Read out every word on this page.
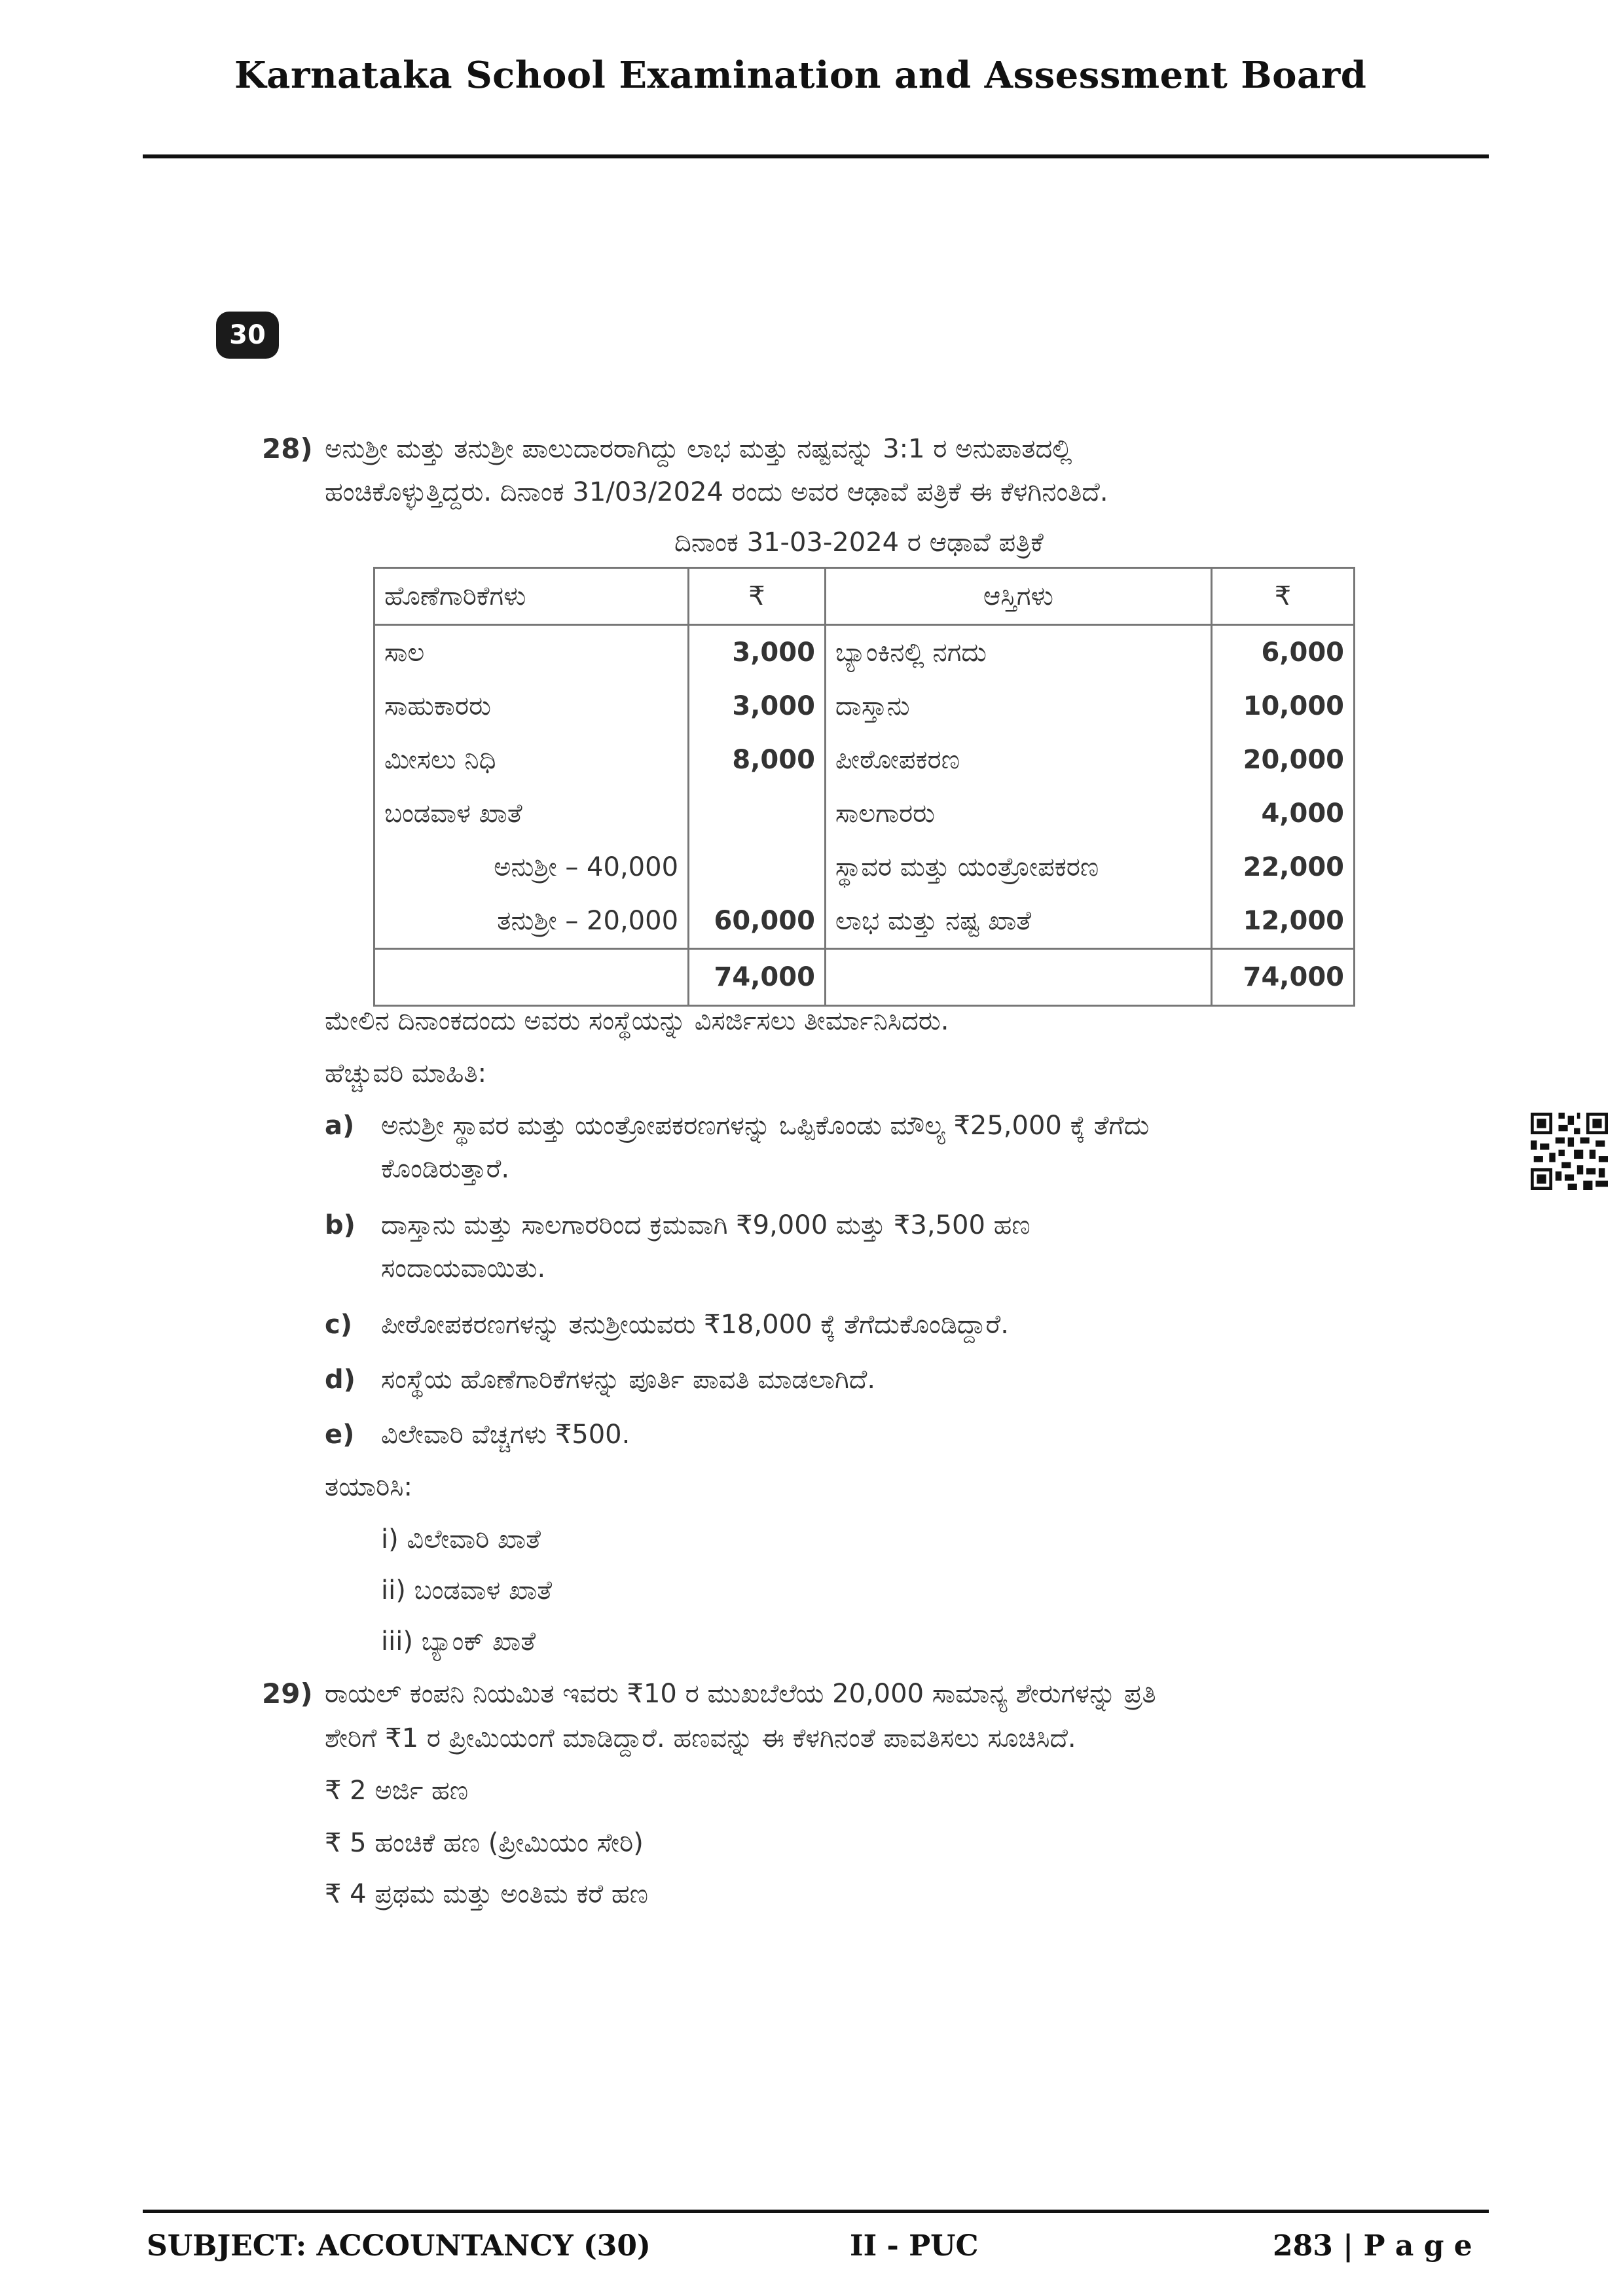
Karnataka School Examination and Assessment Board
30
28) ಅನುಶ್ರೀ ಮತ್ತು ತನುಶ್ರೀ ಪಾಲುದಾರರಾಗಿದ್ದು ಲಾಭ ಮತ್ತು ನಷ್ಟವನ್ನು 3:1 ರ ಅನುಪಾತದಲ್ಲಿ
ಹಂಚಿಕೊಳ್ಳುತ್ತಿದ್ದರು. ದಿನಾಂಕ 31/03/2024 ರಂದು ಅವರ ಆಢಾವೆ ಪತ್ರಿಕೆ ಈ ಕೆಳಗಿನಂತಿದೆ.
ದಿನಾಂಕ 31-03-2024 ರ ಆಢಾವೆ ಪತ್ರಿಕೆ
ಹೊಣೆಗಾರಿಕೆಗಳು	₹	ಆಸ್ತಿಗಳು	₹
ಸಾಲ	3,000	ಬ್ಯಾಂಕಿನಲ್ಲಿ ನಗದು	6,000
ಸಾಹುಕಾರರು	3,000	ದಾಸ್ತಾನು	10,000
ಮೀಸಲು ನಿಧಿ	8,000	ಪೀಠೋಪಕರಣ	20,000
ಬಂಡವಾಳ ಖಾತೆ		ಸಾಲಗಾರರು	4,000
ಅನುಶ್ರೀ – 40,000		ಸ್ಥಾವರ ಮತ್ತು ಯಂತ್ರೋಪಕರಣ	22,000
ತನುಶ್ರೀ – 20,000	60,000	ಲಾಭ ಮತ್ತು ನಷ್ಟ ಖಾತೆ	12,000
	74,000		74,000
ಮೇಲಿನ ದಿನಾಂಕದಂದು ಅವರು ಸಂಸ್ಥೆಯನ್ನು ವಿಸರ್ಜಿಸಲು ತೀರ್ಮಾನಿಸಿದರು.
ಹೆಚ್ಚುವರಿ ಮಾಹಿತಿ:
a) ಅನುಶ್ರೀ ಸ್ಥಾವರ ಮತ್ತು ಯಂತ್ರೋಪಕರಣಗಳನ್ನು ಒಪ್ಪಿಕೊಂಡು ಮೌಲ್ಯ ₹25,000 ಕ್ಕೆ ತೆಗೆದು
ಕೊಂಡಿರುತ್ತಾರೆ.
b) ದಾಸ್ತಾನು ಮತ್ತು ಸಾಲಗಾರರಿಂದ ಕ್ರಮವಾಗಿ ₹9,000 ಮತ್ತು ₹3,500 ಹಣ
ಸಂದಾಯವಾಯಿತು.
c) ಪೀಠೋಪಕರಣಗಳನ್ನು ತನುಶ್ರೀಯವರು ₹18,000 ಕ್ಕೆ ತೆಗೆದುಕೊಂಡಿದ್ದಾರೆ.
d) ಸಂಸ್ಥೆಯ ಹೊಣೆಗಾರಿಕೆಗಳನ್ನು ಪೂರ್ತಿ ಪಾವತಿ ಮಾಡಲಾಗಿದೆ.
e) ವಿಲೇವಾರಿ ವೆಚ್ಚಗಳು ₹500.
ತಯಾರಿಸಿ:
i) ವಿಲೇವಾರಿ ಖಾತೆ
ii) ಬಂಡವಾಳ ಖಾತೆ
iii) ಬ್ಯಾಂಕ್ ಖಾತೆ
29) ರಾಯಲ್ ಕಂಪನಿ ನಿಯಮಿತ ಇವರು ₹10 ರ ಮುಖಬೆಲೆಯ 20,000 ಸಾಮಾನ್ಯ ಶೇರುಗಳನ್ನು ಪ್ರತಿ
ಶೇರಿಗೆ ₹1 ರ ಪ್ರೀಮಿಯಂಗೆ ಮಾಡಿದ್ದಾರೆ. ಹಣವನ್ನು ಈ ಕೆಳಗಿನಂತೆ ಪಾವತಿಸಲು ಸೂಚಿಸಿದೆ.
₹ 2 ಅರ್ಜಿ ಹಣ
₹ 5 ಹಂಚಿಕೆ ಹಣ (ಪ್ರೀಮಿಯಂ ಸೇರಿ)
₹ 4 ಪ್ರಥಮ ಮತ್ತು ಅಂತಿಮ ಕರೆ ಹಣ
SUBJECT: ACCOUNTANCY (30)	II - PUC	283 | P a g e
